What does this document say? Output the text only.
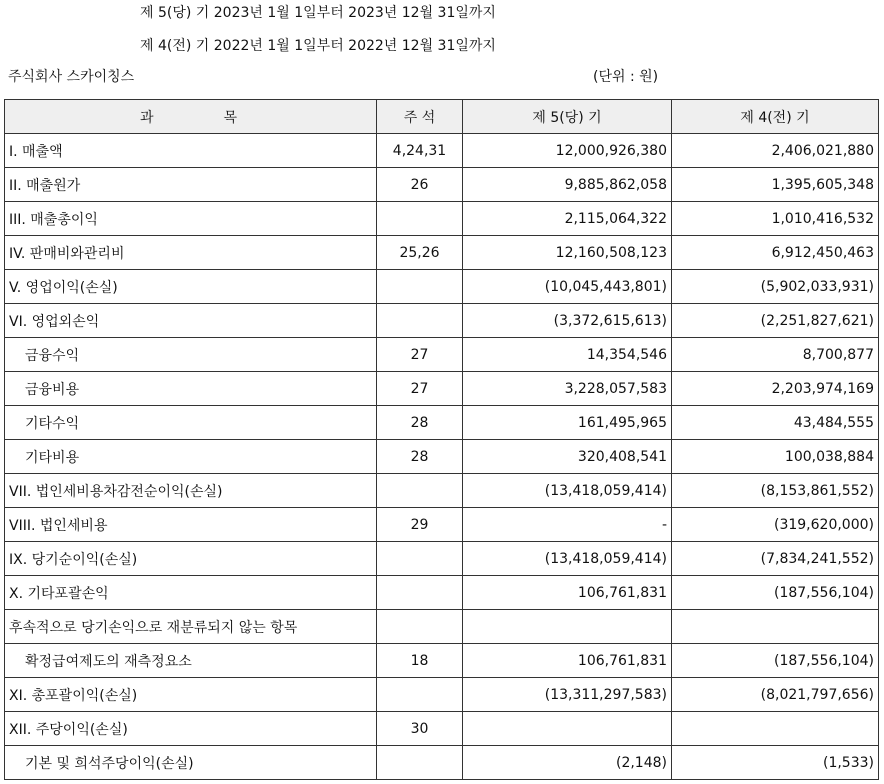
제 5(당) 기 2023년 1월 1일부터 2023년 12월 31일까지
제 4(전) 기 2022년 1월 1일부터 2022년 12월 31일까지
주식회사 스카이칭스	(단위 : 원)
과목	주 석	제 5(당) 기	제 4(전) 기
I. 매출액	4,24,31	12,000,926,380	2,406,021,880
II. 매출원가	26	9,885,862,058	1,395,605,348
III. 매출총이익		2,115,064,322	1,010,416,532
IV. 판매비와관리비	25,26	12,160,508,123	6,912,450,463
V. 영업이익(손실)		(10,045,443,801)	(5,902,033,931)
VI. 영업외손익		(3,372,615,613)	(2,251,827,621)
금융수익	27	14,354,546	8,700,877
금융비용	27	3,228,057,583	2,203,974,169
기타수익	28	161,495,965	43,484,555
기타비용	28	320,408,541	100,038,884
VII. 법인세비용차감전순이익(손실)		(13,418,059,414)	(8,153,861,552)
VIII. 법인세비용	29	-	(319,620,000)
IX. 당기순이익(손실)		(13,418,059,414)	(7,834,241,552)
X. 기타포괄손익		106,761,831	(187,556,104)
후속적으로 당기손익으로 재분류되지 않는 항목			
확정급여제도의 재측정요소	18	106,761,831	(187,556,104)
XI. 총포괄이익(손실)		(13,311,297,583)	(8,021,797,656)
XII. 주당이익(손실)	30		
기본 및 희석주당이익(손실)		(2,148)	(1,533)
